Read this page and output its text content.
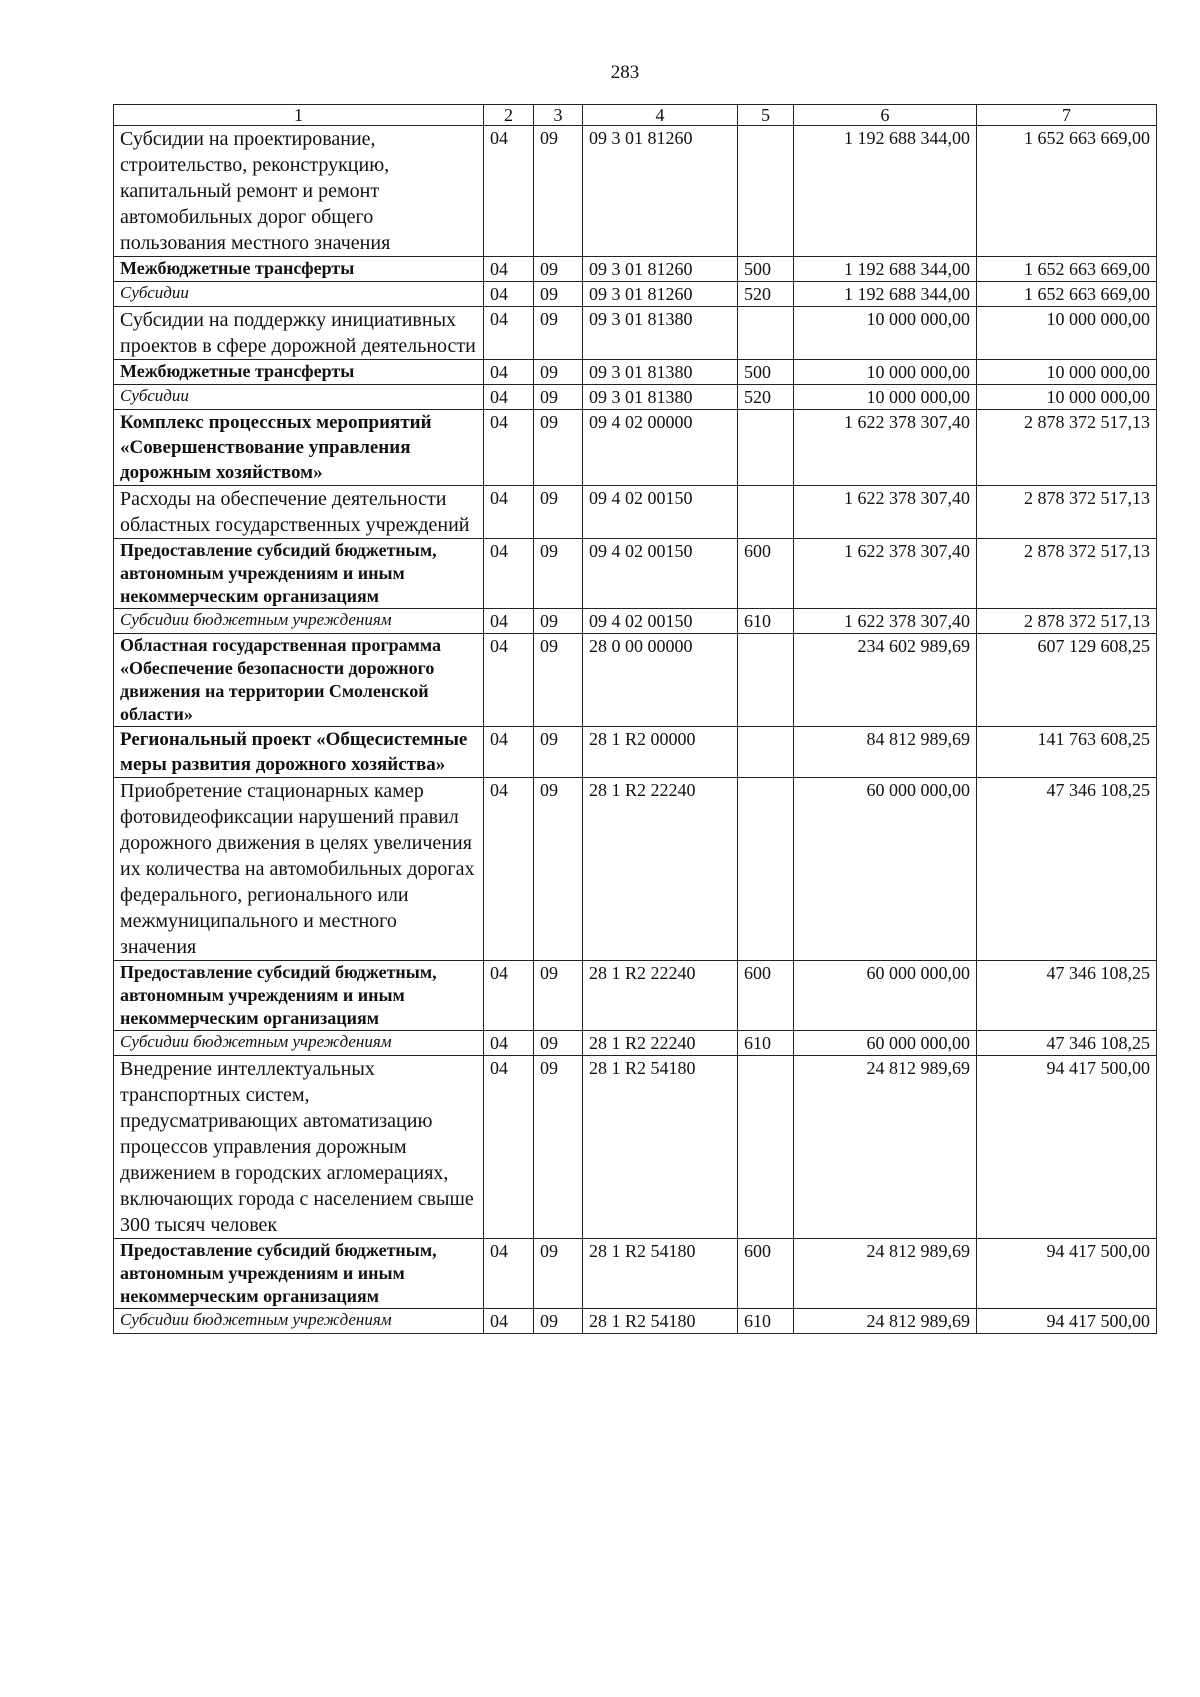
283
1	2	3	4	5	6	7
Субсидии на проектирование, строительство, реконструкцию, капитальный ремонт и ремонт автомобильных дорог общего пользования местного значения	04	09	09 3 01 81260		1 192 688 344,00	1 652 663 669,00
Межбюджетные трансферты	04	09	09 3 01 81260	500	1 192 688 344,00	1 652 663 669,00
Субсидии	04	09	09 3 01 81260	520	1 192 688 344,00	1 652 663 669,00
Субсидии на поддержку инициативных проектов в сфере дорожной деятельности	04	09	09 3 01 81380		10 000 000,00	10 000 000,00
Межбюджетные трансферты	04	09	09 3 01 81380	500	10 000 000,00	10 000 000,00
Субсидии	04	09	09 3 01 81380	520	10 000 000,00	10 000 000,00
Комплекс процессных мероприятий «Совершенствование управления дорожным хозяйством»	04	09	09 4 02 00000		1 622 378 307,40	2 878 372 517,13
Расходы на обеспечение деятельности областных государственных учреждений	04	09	09 4 02 00150		1 622 378 307,40	2 878 372 517,13
Предоставление субсидий бюджетным, автономным учреждениям и иным некоммерческим организациям	04	09	09 4 02 00150	600	1 622 378 307,40	2 878 372 517,13
Субсидии бюджетным учреждениям	04	09	09 4 02 00150	610	1 622 378 307,40	2 878 372 517,13
Областная государственная программа «Обеспечение безопасности дорожного движения на территории Смоленской области»	04	09	28 0 00 00000		234 602 989,69	607 129 608,25
Региональный проект «Общесистемные меры развития дорожного хозяйства»	04	09	28 1 R2 00000		84 812 989,69	141 763 608,25
Приобретение стационарных камер фотовидеофиксации нарушений правил дорожного движения в целях увеличения их количества на автомобильных дорогах федерального, регионального или межмуниципального и местного значения	04	09	28 1 R2 22240		60 000 000,00	47 346 108,25
Предоставление субсидий бюджетным, автономным учреждениям и иным некоммерческим организациям	04	09	28 1 R2 22240	600	60 000 000,00	47 346 108,25
Субсидии бюджетным учреждениям	04	09	28 1 R2 22240	610	60 000 000,00	47 346 108,25
Внедрение интеллектуальных транспортных систем, предусматривающих автоматизацию процессов управления дорожным движением в городских агломерациях, включающих города с населением свыше 300 тысяч человек	04	09	28 1 R2 54180		24 812 989,69	94 417 500,00
Предоставление субсидий бюджетным, автономным учреждениям и иным некоммерческим организациям	04	09	28 1 R2 54180	600	24 812 989,69	94 417 500,00
Субсидии бюджетным учреждениям	04	09	28 1 R2 54180	610	24 812 989,69	94 417 500,00
